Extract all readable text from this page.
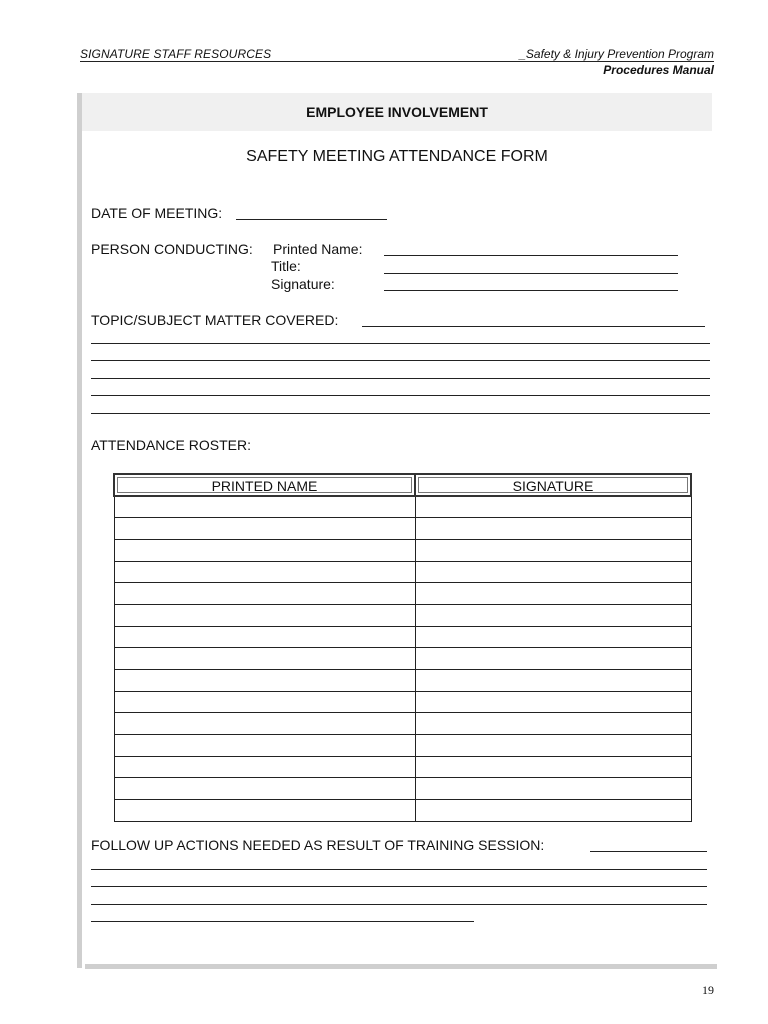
SIGNATURE STAFF RESOURCES	_Safety & Injury Prevention Program
Procedures Manual
EMPLOYEE INVOLVEMENT
SAFETY MEETING ATTENDANCE FORM
DATE OF MEETING:
PERSON CONDUCTING: Printed Name:
Title:
Signature:
TOPIC/SUBJECT MATTER COVERED:
ATTENDANCE ROSTER:
PRINTED NAME	SIGNATURE

FOLLOW UP ACTIONS NEEDED AS RESULT OF TRAINING SESSION:
19
